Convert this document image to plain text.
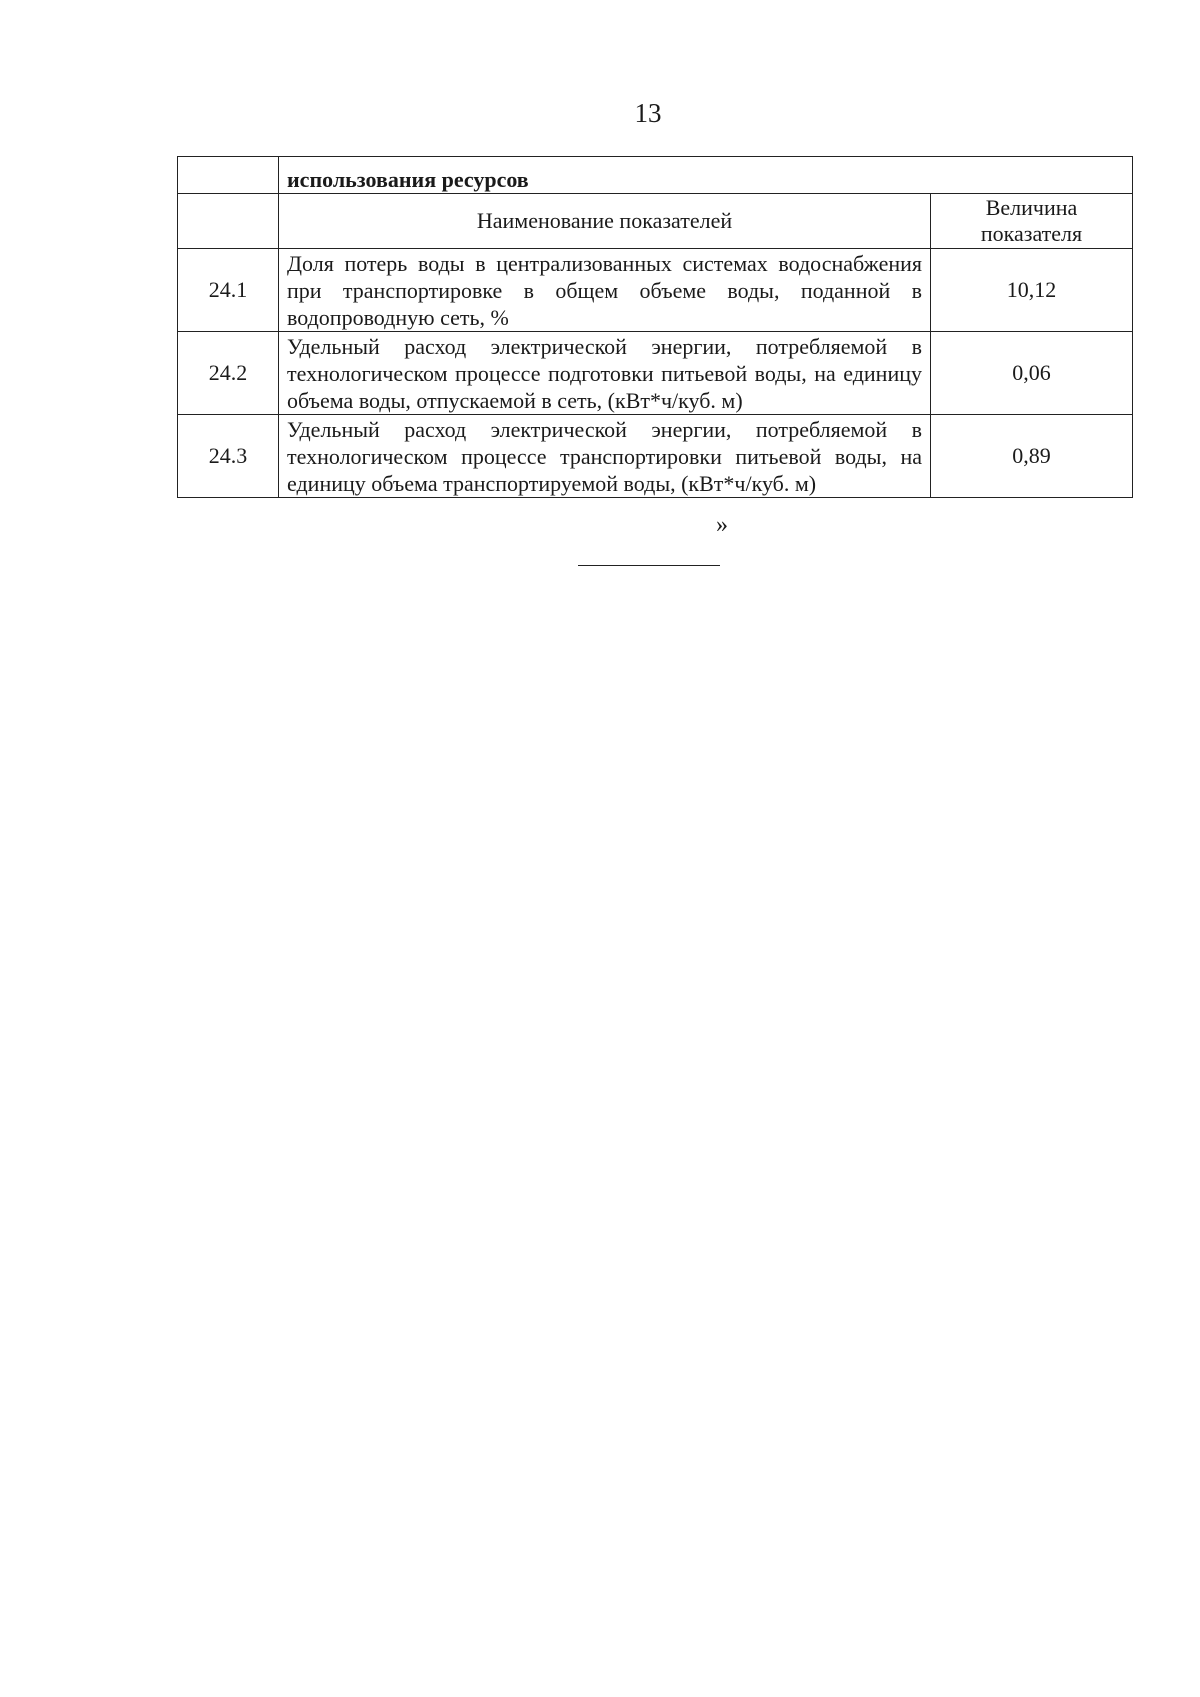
13
	использования ресурсов	
	Наименование показателей	Величина показателя
24.1	Доля потерь воды в централизованных системах водоснабжения при транспортировке в общем объеме воды, поданной в водопроводную сеть, %	10,12
24.2	Удельный расход электрической энергии, потребляемой в технологическом процессе подготовки питьевой воды, на единицу объема воды, отпускаемой в сеть, (кВт*ч/куб. м)	0,06
24.3	Удельный расход электрической энергии, потребляемой в технологическом процессе транспортировки питьевой воды, на единицу объема транспортируемой воды, (кВт*ч/куб. м)	0,89
»
